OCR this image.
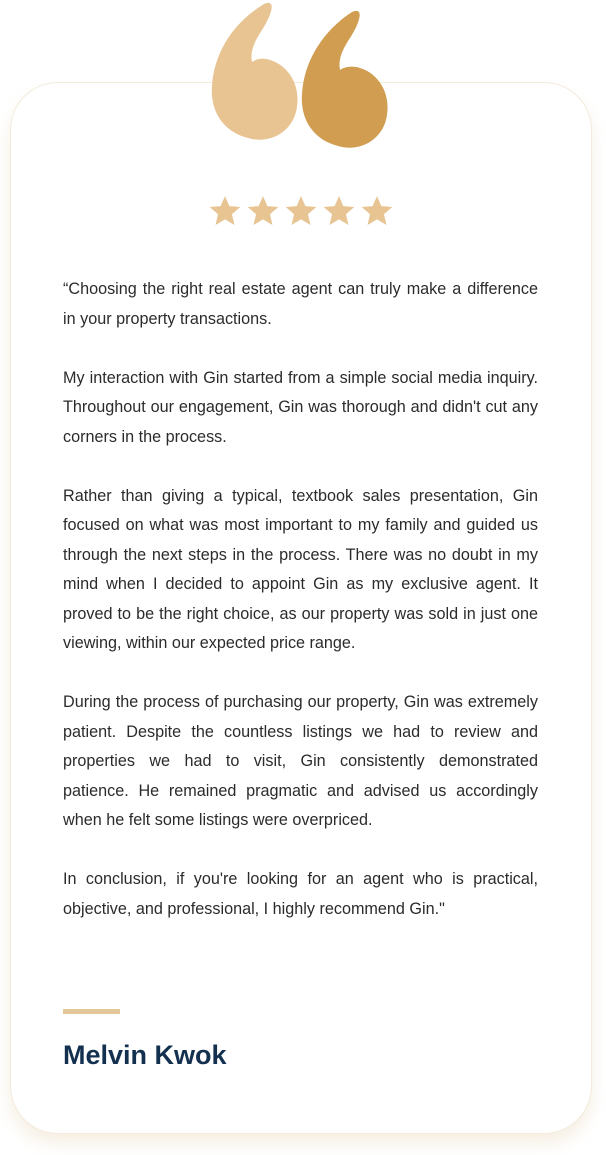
“Choosing the right real estate agent can truly make a difference in your property transactions.

My interaction with Gin started from a simple social media inquiry. Throughout our engagement, Gin was thorough and didn't cut any corners in the process.

Rather than giving a typical, textbook sales presentation, Gin focused on what was most important to my family and guided us through the next steps in the process. There was no doubt in my mind when I decided to appoint Gin as my exclusive agent. It proved to be the right choice, as our property was sold in just one viewing, within our expected price range.

During the process of purchasing our property, Gin was extremely patient. Despite the countless listings we had to review and properties we had to visit, Gin consistently demonstrated patience. He remained pragmatic and advised us accordingly when he felt some listings were overpriced.

In conclusion, if you're looking for an agent who is practical, objective, and professional, I highly recommend Gin."

Melvin Kwok
